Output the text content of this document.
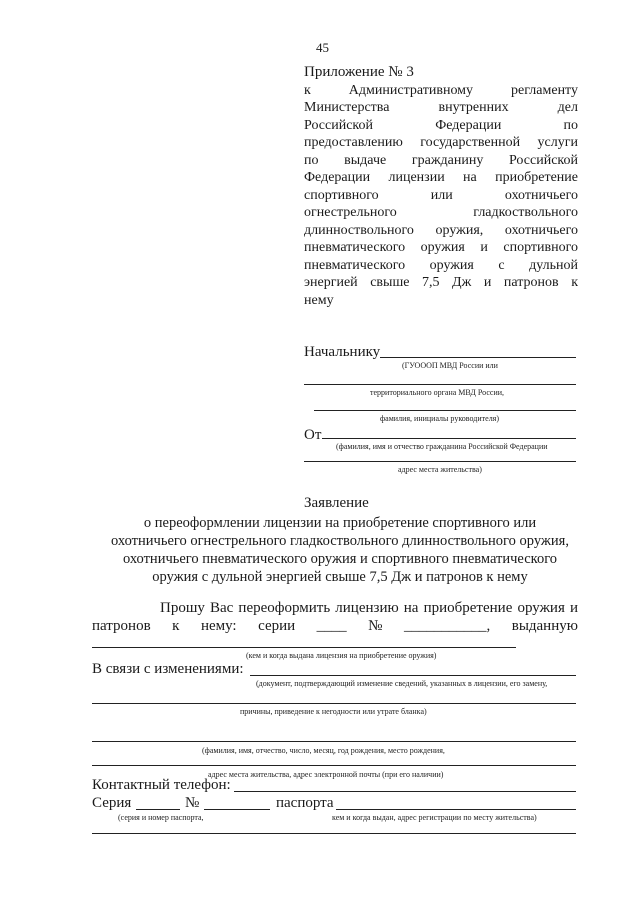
45
Приложение № 3
к Административному регламенту
Министерства внутренних дел
Российской Федерации по
предоставлению государственной услуги
по выдаче гражданину Российской
Федерации лицензии на приобретение
спортивного или охотничьего
огнестрельного гладкоствольного
длинноствольного оружия, охотничьего
пневматического оружия и спортивного
пневматического оружия с дульной
энергией свыше 7,5 Дж и патронов к
нему
Начальнику
(ГУОООП МВД России или
территориального органа МВД России,
фамилия, инициалы руководителя)
От
(фамилия, имя и отчество гражданина Российской Федерации
адрес места жительства)
Заявление
о переоформлении лицензии на приобретение спортивного или
охотничьего огнестрельного гладкоствольного длинноствольного оружия,
охотничьего пневматического оружия и спортивного пневматического
оружия с дульной энергией свыше 7,5 Дж и патронов к нему
Прошу Вас переоформить лицензию на приобретение оружия и
патронов к нему: серии ____ № ___________, выданную
(кем и когда выдана лицензия на приобретение оружия)
В связи с изменениями:
(документ, подтверждающий изменение сведений, указанных в лицензии, его замену,
причины, приведение к негодности или утрате бланка)
(фамилия, имя, отчество, число, месяц, год рождения, место рождения,
адрес места жительства, адрес электронной почты (при его наличии)
Контактный телефон:
Серия	№	паспорта
(серия и номер паспорта,	кем и когда выдан, адрес регистрации по месту жительства)
